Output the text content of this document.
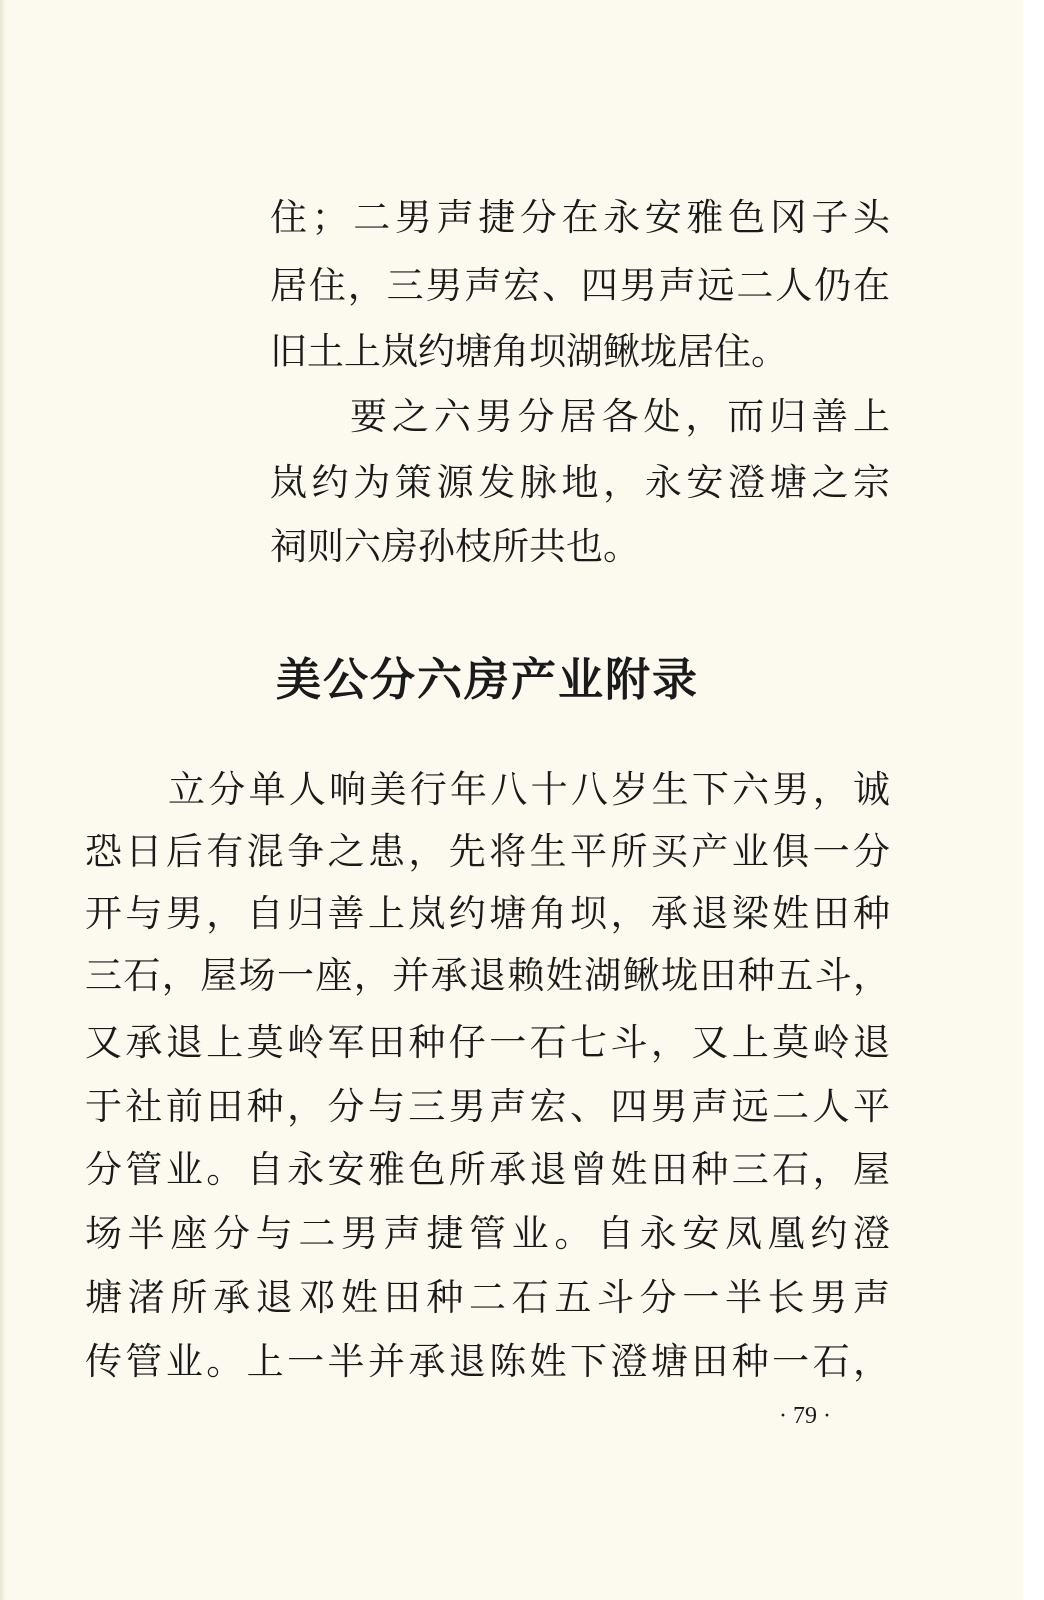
住；二男声捷分在永安雅色冈子头

居住，三男声宏、四男声远二人仍在

旧土上岚约塘角坝湖鳅垅居住。

要之六男分居各处，而归善上

岚约为策源发脉地，永安澄塘之宗

祠则六房孙枝所共也。

美公分六房产业附录

立分单人响美行年八十八岁生下六男，诚

恐日后有混争之患，先将生平所买产业俱一分

开与男，自归善上岚约塘角坝，承退梁姓田种

三石，屋场一座，并承退赖姓湖鳅垅田种五斗，

又承退上莫岭军田种仔一石七斗，又上莫岭退

于社前田种，分与三男声宏、四男声远二人平

分管业。自永安雅色所承退曾姓田种三石，屋

场半座分与二男声捷管业。自永安凤凰约澄

塘渚所承退邓姓田种二石五斗分一半长男声

传管业。上一半并承退陈姓下澄塘田种一石，

· 79 ·
